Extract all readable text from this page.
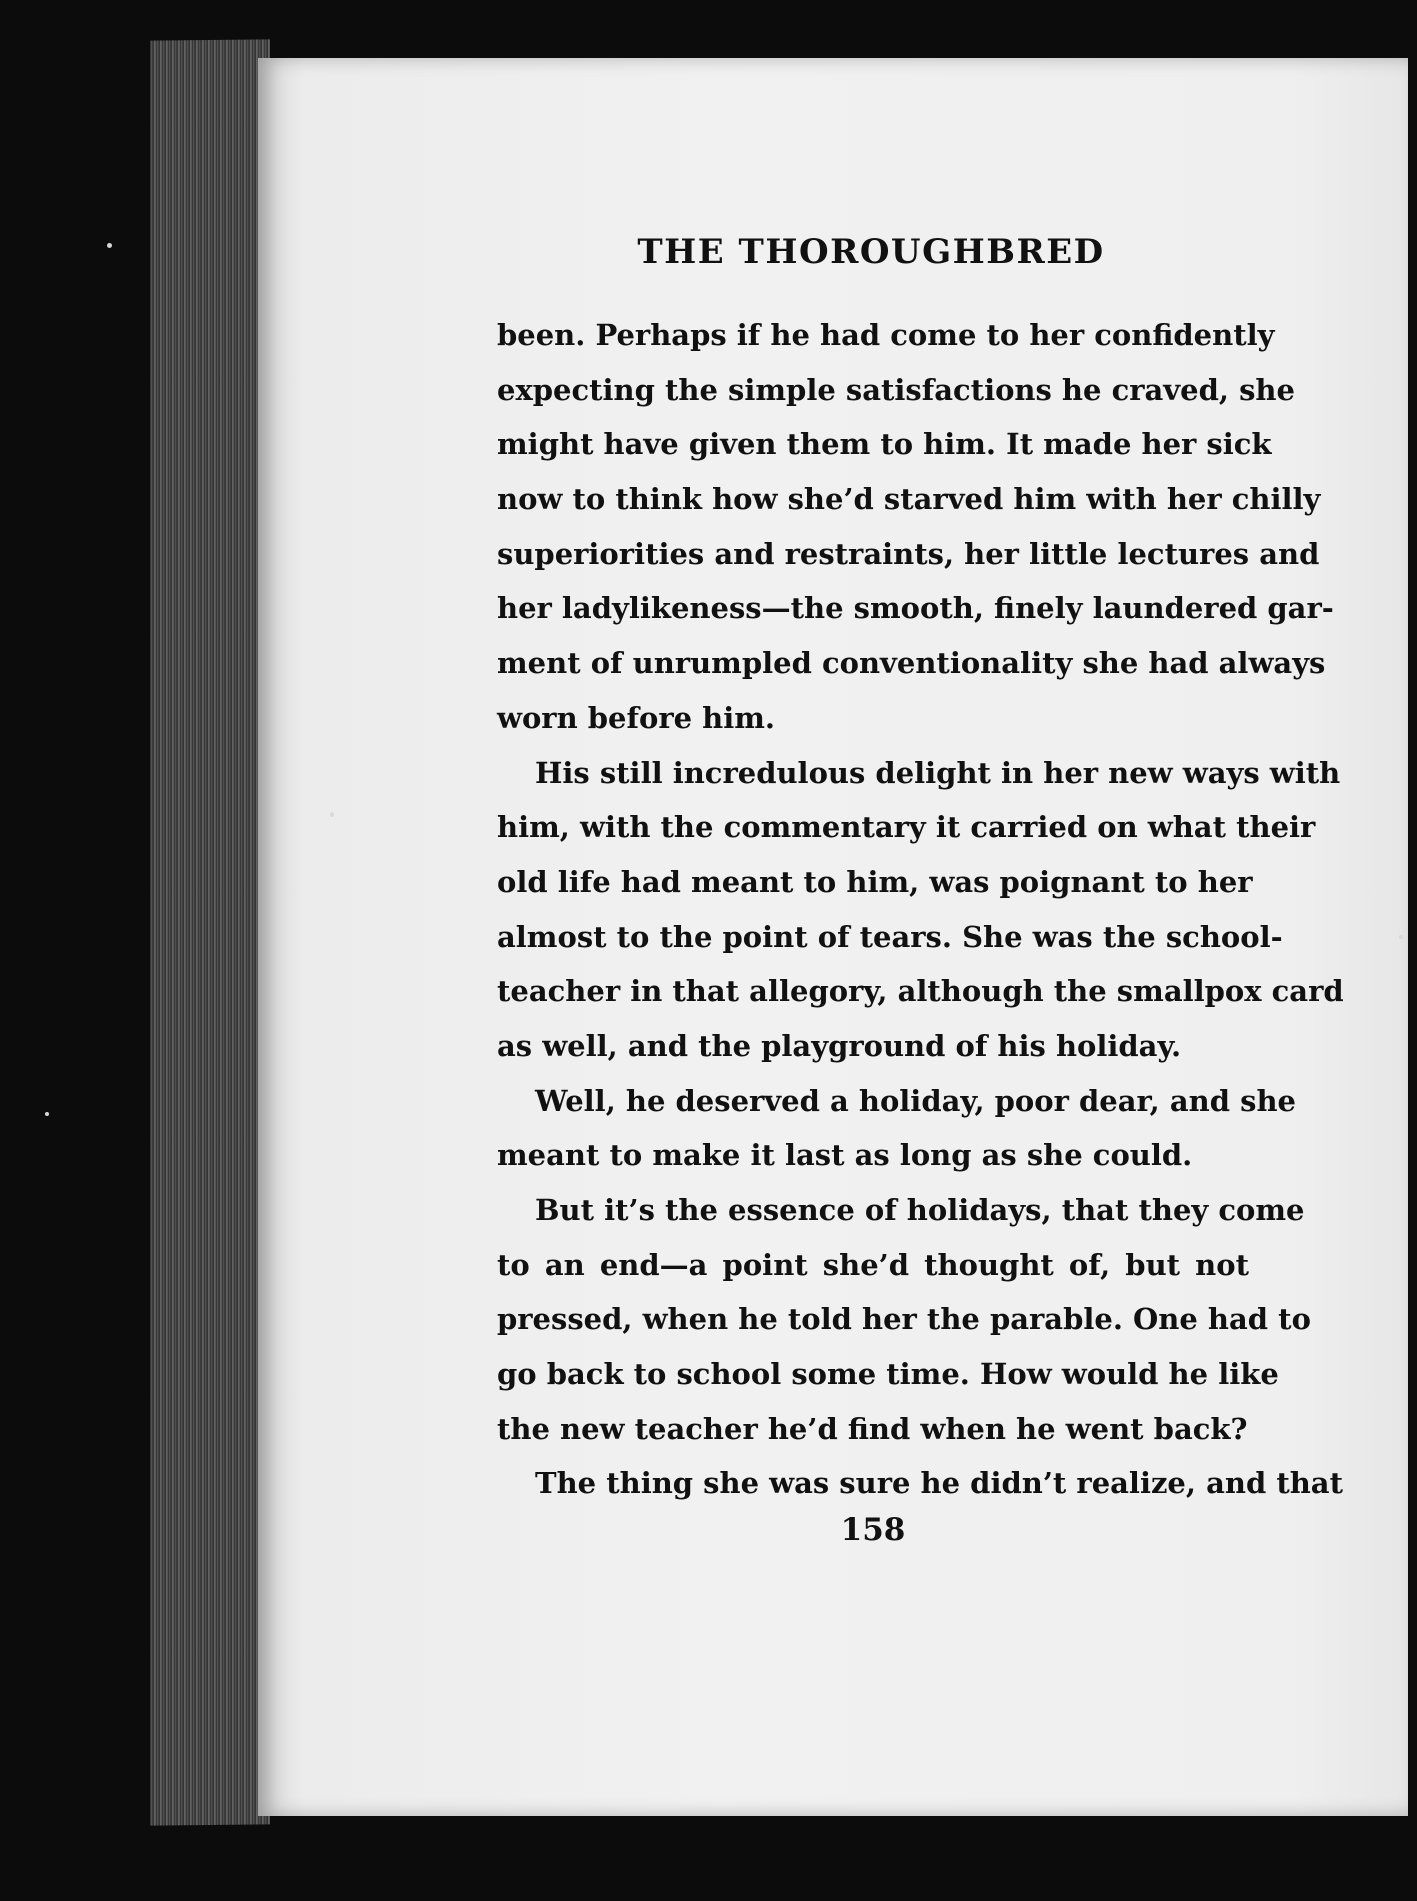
THE THOROUGHBRED
been. Perhaps if he had come to her confidently
expecting the simple satisfactions he craved, she
might have given them to him. It made her sick
now to think how she’d starved him with her chilly
superiorities and restraints, her little lectures and
her ladylikeness—the smooth, finely laundered gar-
ment of unrumpled conventionality she had always
worn before him.
His still incredulous delight in her new ways with
him, with the commentary it carried on what their
old life had meant to him, was poignant to her
almost to the point of tears. She was the school-
teacher in that allegory, although the smallpox card
as well, and the playground of his holiday.
Well, he deserved a holiday, poor dear, and she
meant to make it last as long as she could.
But it’s the essence of holidays, that they come
to an end—a point she’d thought of, but not
pressed, when he told her the parable. One had to
go back to school some time. How would he like
the new teacher he’d find when he went back?
The thing she was sure he didn’t realize, and that
158
